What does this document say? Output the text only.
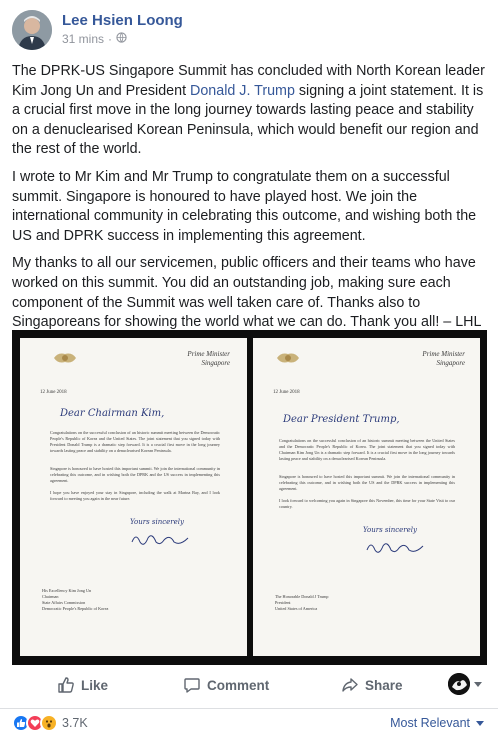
Lee Hsien Loong
31 mins ·

The DPRK-US Singapore Summit has concluded with North Korean leader Kim Jong Un and President Donald J. Trump signing a joint statement. It is a crucial first move in the long journey towards lasting peace and stability on a denuclearised Korean Peninsula, which would benefit our region and the rest of the world.

I wrote to Mr Kim and Mr Trump to congratulate them on a successful summit. Singapore is honoured to have played host. We join the international community in celebrating this outcome, and wishing both the US and DPRK success in implementing this agreement.

My thanks to all our servicemen, public officers and their teams who have worked on this summit. You did an outstanding job, making sure each component of the Summit was well taken care of. Thanks also to Singaporeans for showing the world what we can do. Thank you all! – LHL

Prime Minister
Singapore
12 June 2018
Dear Chairman Kim,
Congratulations on the successful conclusion of an historic summit meeting between the Democratic People's Republic of Korea and the United States. The joint statement that you signed today with President Donald Trump is a dramatic step forward. It is a crucial first move in the long journey towards lasting peace and stability on a denuclearised Korean Peninsula.
Singapore is honoured to have hosted this important summit. We join the international community in celebrating this outcome, and in wishing both the DPRK and the US success in implementing this agreement.
I hope you have enjoyed your stay in Singapore, including the walk at Marina Bay, and I look forward to meeting you again in the near future.
Yours sincerely
His Excellency Kim Jong Un
Chairman
State Affairs Commission
Democratic People's Republic of Korea
Prime Minister
Singapore
12 June 2018
Dear President Trump,
Congratulations on the successful conclusion of an historic summit meeting between the United States and the Democratic People's Republic of Korea. The joint statement that you signed today with Chairman Kim Jong Un is a dramatic step forward. It is a crucial first move in the long journey towards lasting peace and stability on a denuclearised Korean Peninsula.
Singapore is honoured to have hosted this important summit. We join the international community in celebrating this outcome, and in wishing both the US and the DPRK success in implementing this agreement.
I look forward to welcoming you again in Singapore this November, this time for your State Visit to our country.
Yours sincerely
The Honorable Donald J Trump
President
United States of America
Like	Comment	Share
3.7K	Most Relevant
